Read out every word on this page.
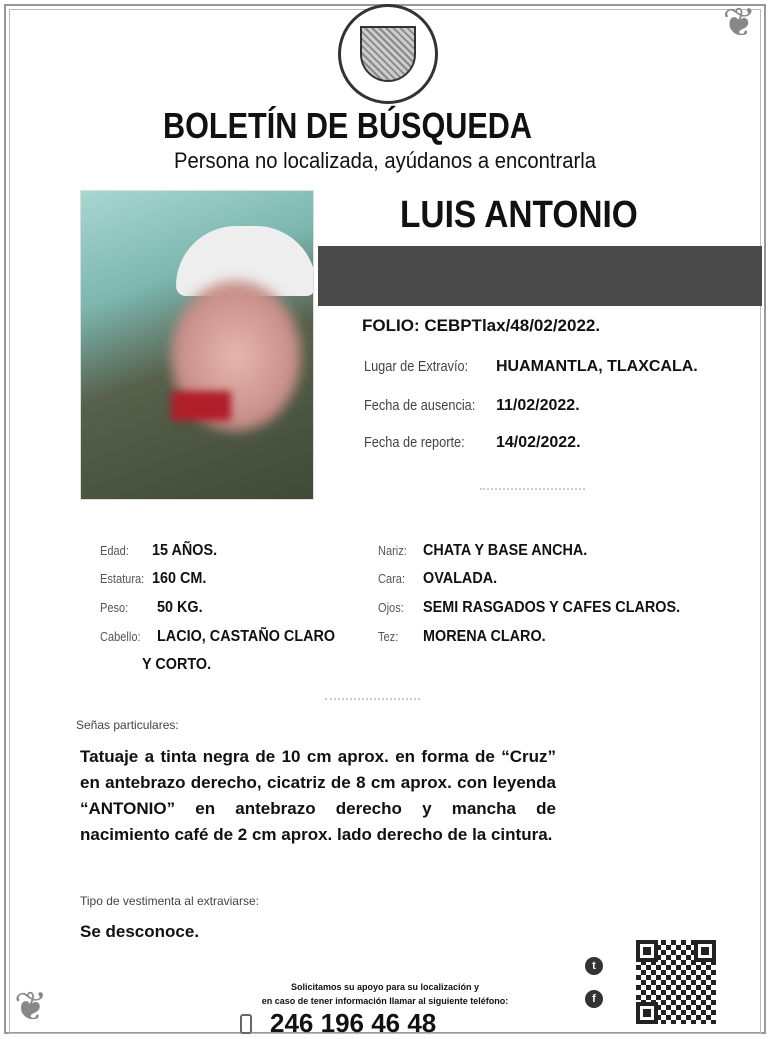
❦
❦
BOLETÍN DE BÚSQUEDA
Persona no localizada, ayúdanos a encontrarla
LUIS ANTONIO
FOLIO: CEBPTlax/48/02/2022.
Lugar de Extravío: HUAMANTLA, TLAXCALA.
Fecha de ausencia: 11/02/2022.
Fecha de reporte: 14/02/2022.
Edad: 15 AÑOS.
Estatura: 160 CM.
Peso: 50 KG.
Cabello: LACIO, CASTAÑO CLARO
Y CORTO.
Nariz: CHATA Y BASE ANCHA.
Cara: OVALADA.
Ojos: SEMI RASGADOS Y CAFES CLAROS.
Tez: MORENA CLARO.
Señas particulares:
Tatuaje a tinta negra de 10 cm aprox. en forma de “Cruz” en antebrazo derecho, cicatriz de 8 cm aprox. con leyenda “ANTONIO” en antebrazo derecho y mancha de nacimiento café de 2 cm aprox. lado derecho de la cintura.
Tipo de vestimenta al extraviarse:
Se desconoce.
Solicitamos su apoyo para su localización y
en caso de tener información llamar al siguiente teléfono:
246 196 46 48
t
f
